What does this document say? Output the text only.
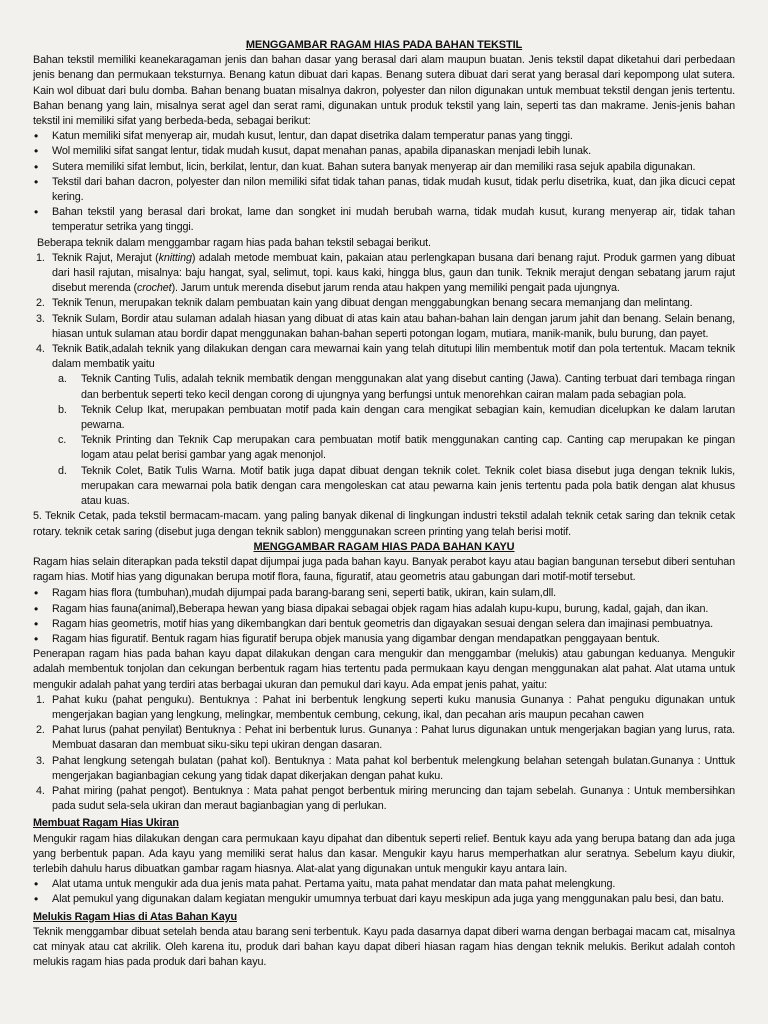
MENGGAMBAR RAGAM HIAS PADA BAHAN TEKSTIL

Bahan tekstil memiliki keanekaragaman jenis dan bahan dasar yang berasal dari alam maupun buatan. Jenis tekstil dapat diketahui dari perbedaan jenis benang dan permukaan teksturnya. Benang katun dibuat dari kapas. Benang sutera dibuat dari serat yang berasal dari kepompong ulat sutera. Kain wol dibuat dari bulu domba. Bahan benang buatan misalnya dakron, polyester dan nilon digunakan untuk membuat tekstil dengan jenis tertentu. Bahan benang yang lain, misalnya serat agel dan serat rami, digunakan untuk produk tekstil yang lain, seperti tas dan makrame. Jenis-jenis bahan tekstil ini memiliki sifat yang berbeda-beda, sebagai berikut:

• Katun memiliki sifat menyerap air, mudah kusut, lentur, dan dapat disetrika dalam temperatur panas yang tinggi.
• Wol memiliki sifat sangat lentur, tidak mudah kusut, dapat menahan panas, apabila dipanaskan menjadi lebih lunak.
• Sutera memiliki sifat lembut, licin, berkilat, lentur, dan kuat. Bahan sutera banyak menyerap air dan memiliki rasa sejuk apabila digunakan.
• Tekstil dari bahan dacron, polyester dan nilon memiliki sifat tidak tahan panas, tidak mudah kusut, tidak perlu disetrika, kuat, dan jika dicuci cepat kering.
• Bahan tekstil yang berasal dari brokat, lame dan songket ini mudah berubah warna, tidak mudah kusut, kurang menyerap air, tidak tahan temperatur setrika yang tinggi.

Beberapa teknik dalam menggambar ragam hias pada bahan tekstil sebagai berikut.

1. Teknik Rajut, Merajut (knitting) adalah metode membuat kain, pakaian atau perlengkapan busana dari benang rajut. Produk garmen yang dibuat dari hasil rajutan, misalnya: baju hangat, syal, selimut, topi. kaus kaki, hingga blus, gaun dan tunik. Teknik merajut dengan sebatang jarum rajut disebut merenda (crochet). Jarum untuk merenda disebut jarum renda atau hakpen yang memiliki pengait pada ujungnya.
2. Teknik Tenun, merupakan teknik dalam pembuatan kain yang dibuat dengan menggabungkan benang secara memanjang dan melintang.
3. Teknik Sulam, Bordir atau sulaman adalah hiasan yang dibuat di atas kain atau bahan-bahan lain dengan jarum jahit dan benang. Selain benang, hiasan untuk sulaman atau bordir dapat menggunakan bahan-bahan seperti potongan logam, mutiara, manik-manik, bulu burung, dan payet.
4. Teknik Batik,adalah teknik yang dilakukan dengan cara mewarnai kain yang telah ditutupi lilin membentuk motif dan pola tertentuk. Macam teknik dalam membatik yaitu
a. Teknik Canting Tulis, adalah teknik membatik dengan menggunakan alat yang disebut canting (Jawa). Canting terbuat dari tembaga ringan dan berbentuk seperti teko kecil dengan corong di ujungnya yang berfungsi untuk menorehkan cairan malam pada sebagian pola.
b. Teknik Celup Ikat, merupakan pembuatan motif pada kain dengan cara mengikat sebagian kain, kemudian dicelupkan ke dalam larutan pewarna.
c. Teknik Printing dan Teknik Cap merupakan cara pembuatan motif batik menggunakan canting cap. Canting cap merupakan ke pingan logam atau pelat berisi gambar yang agak menonjol.
d. Teknik Colet, Batik Tulis Warna. Motif batik juga dapat dibuat dengan teknik colet. Teknik colet biasa disebut juga dengan teknik lukis, merupakan cara mewarnai pola batik dengan cara mengoleskan cat atau pewarna kain jenis tertentu pada pola batik dengan alat khusus atau kuas.

5. Teknik Cetak, pada tekstil bermacam-macam. yang paling banyak dikenal di lingkungan industri tekstil adalah teknik cetak saring dan teknik cetak rotary. teknik cetak saring (disebut juga dengan teknik sablon) menggunakan screen printing yang telah berisi motif.

MENGGAMBAR RAGAM HIAS PADA BAHAN KAYU

Ragam hias selain diterapkan pada tekstil dapat dijumpai juga pada bahan kayu. Banyak perabot kayu atau bagian bangunan tersebut diberi sentuhan ragam hias. Motif hias yang digunakan berupa motif flora, fauna, figuratif, atau geometris atau gabungan dari motif-motif tersebut.

• Ragam hias flora (tumbuhan),mudah dijumpai pada barang-barang seni, seperti batik, ukiran, kain sulam,dll.
• Ragam hias fauna(animal),Beberapa hewan yang biasa dipakai sebagai objek ragam hias adalah kupu-kupu, burung, kadal, gajah, dan ikan.
• Ragam hias geometris, motif hias yang dikembangkan dari bentuk geometris dan digayakan sesuai dengan selera dan imajinasi pembuatnya.
• Ragam hias figuratif. Bentuk ragam hias figuratif berupa objek manusia yang digambar dengan mendapatkan penggayaan bentuk.

Penerapan ragam hias pada bahan kayu dapat dilakukan dengan cara mengukir dan menggambar (melukis) atau gabungan keduanya. Mengukir adalah membentuk tonjolan dan cekungan berbentuk ragam hias tertentu pada permukaan kayu dengan menggunakan alat pahat. Alat utama untuk mengukir adalah pahat yang terdiri atas berbagai ukuran dan pemukul dari kayu. Ada empat jenis pahat, yaitu:

1. Pahat kuku (pahat penguku). Bentuknya : Pahat ini berbentuk lengkung seperti kuku manusia Gunanya : Pahat penguku digunakan untuk mengerjakan bagian yang lengkung, melingkar, membentuk cembung, cekung, ikal, dan pecahan aris maupun pecahan cawen
2. Pahat lurus (pahat penyilat) Bentuknya : Pehat ini berbentuk lurus. Gunanya : Pahat lurus digunakan untuk mengerjakan bagian yang lurus, rata. Membuat dasaran dan membuat siku-siku tepi ukiran dengan dasaran.
3. Pahat lengkung setengah bulatan (pahat kol). Bentuknya : Mata pahat kol berbentuk melengkung belahan setengah bulatan.Gunanya : Unttuk mengerjakan bagianbagian cekung yang tidak dapat dikerjakan dengan pahat kuku.
4. Pahat miring (pahat pengot). Bentuknya : Mata pahat pengot berbentuk miring meruncing dan tajam sebelah. Gunanya : Untuk membersihkan pada sudut sela-sela ukiran dan meraut bagianbagian yang di perlukan.

Membuat Ragam Hias Ukiran

Mengukir ragam hias dilakukan dengan cara permukaan kayu dipahat dan dibentuk seperti relief. Bentuk kayu ada yang berupa batang dan ada juga yang berbentuk papan. Ada kayu yang memiliki serat halus dan kasar. Mengukir kayu harus memperhatkan alur seratnya. Sebelum kayu diukir, terlebih dahulu harus dibuatkan gambar ragam hiasnya. Alat-alat yang digunakan untuk mengukir kayu antara lain.

• Alat utama untuk mengukir ada dua jenis mata pahat. Pertama yaitu, mata pahat mendatar dan mata pahat melengkung.
• Alat pemukul yang digunakan dalam kegiatan mengukir umumnya terbuat dari kayu meskipun ada juga yang menggunakan palu besi, dan batu.

Melukis Ragam Hias di Atas Bahan Kayu

Teknik menggambar dibuat setelah benda atau barang seni terbentuk. Kayu pada dasarnya dapat diberi warna dengan berbagai macam cat, misalnya cat minyak atau cat akrilik. Oleh karena itu, produk dari bahan kayu dapat diberi hiasan ragam hias dengan teknik melukis. Berikut adalah contoh melukis ragam hias pada produk dari bahan kayu.
